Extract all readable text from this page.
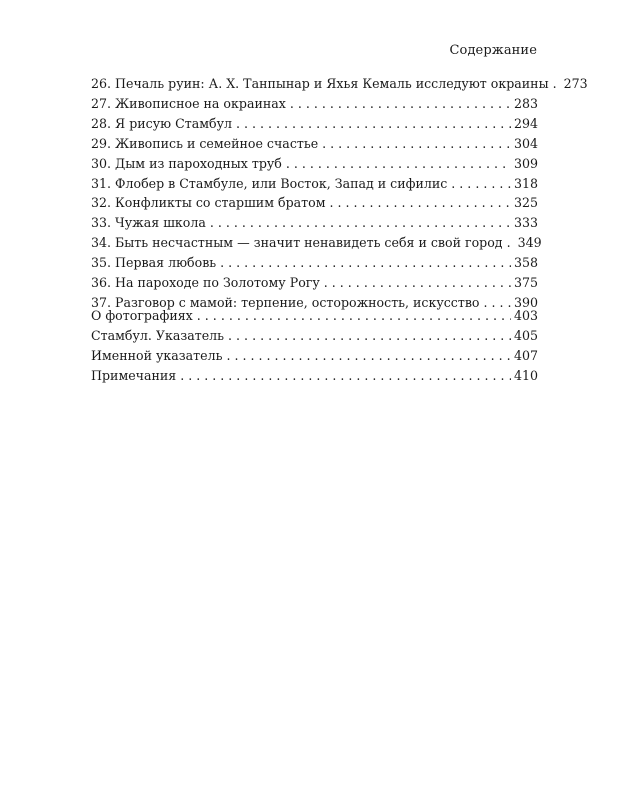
Содержание
26. Печаль руин: А. Х. Танпынар и Яхья Кемаль исследуют окраины . . . 273
27. Живописное на окраинах . . .	283
28. Я рисую Стамбул . . .	294
29. Живопись и семейное счастье . . .	304
30. Дым из пароходных труб . . .	309
31. Флобер в Стамбуле, или Восток, Запад и сифилис . . .	318
32. Конфликты со старшим братом . . .	325
33. Чужая школа . . .	333
34. Быть несчастным — значит ненавидеть себя и свой город . . . 349
35. Первая любовь . . .	358
36. На пароходе по Золотому Рогу . . .	375
37. Разговор с мамой: терпение, осторожность, искусство . . .	390
О фотографиях . . .	403
Стамбул. Указатель . . .	405
Именной указатель . . .	407
Примечания . . .	410
